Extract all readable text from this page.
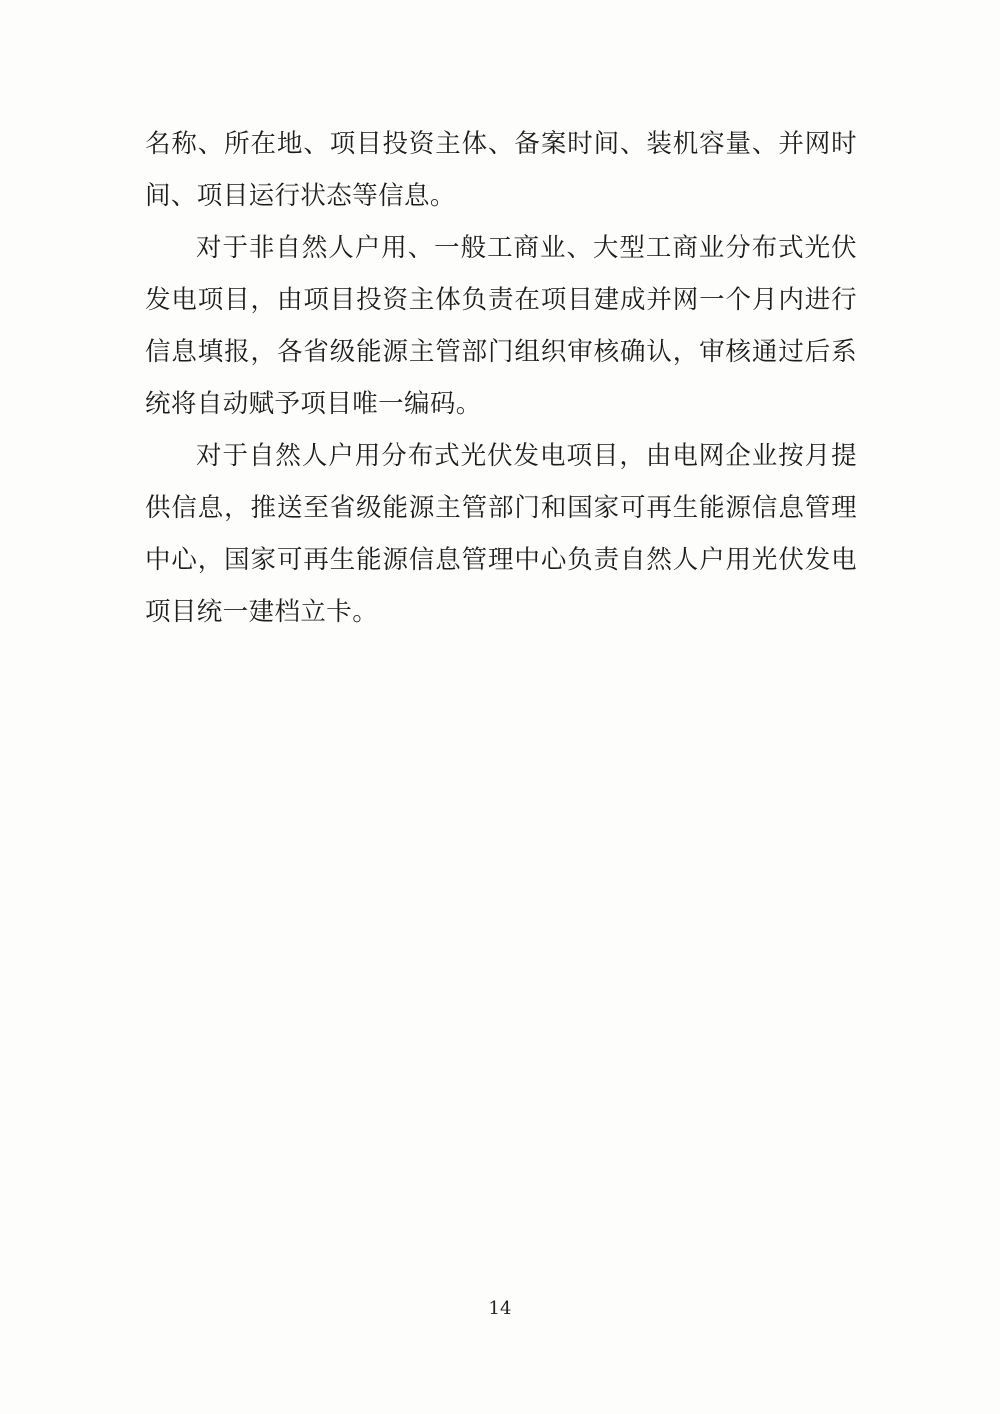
名称、所在地、项目投资主体、备案时间、装机容量、并网时间、项目运行状态等信息。

对于非自然人户用、一般工商业、大型工商业分布式光伏发电项目，由项目投资主体负责在项目建成并网一个月内进行信息填报，各省级能源主管部门组织审核确认，审核通过后系统将自动赋予项目唯一编码。

对于自然人户用分布式光伏发电项目，由电网企业按月提供信息，推送至省级能源主管部门和国家可再生能源信息管理中心，国家可再生能源信息管理中心负责自然人户用光伏发电项目统一建档立卡。

14
